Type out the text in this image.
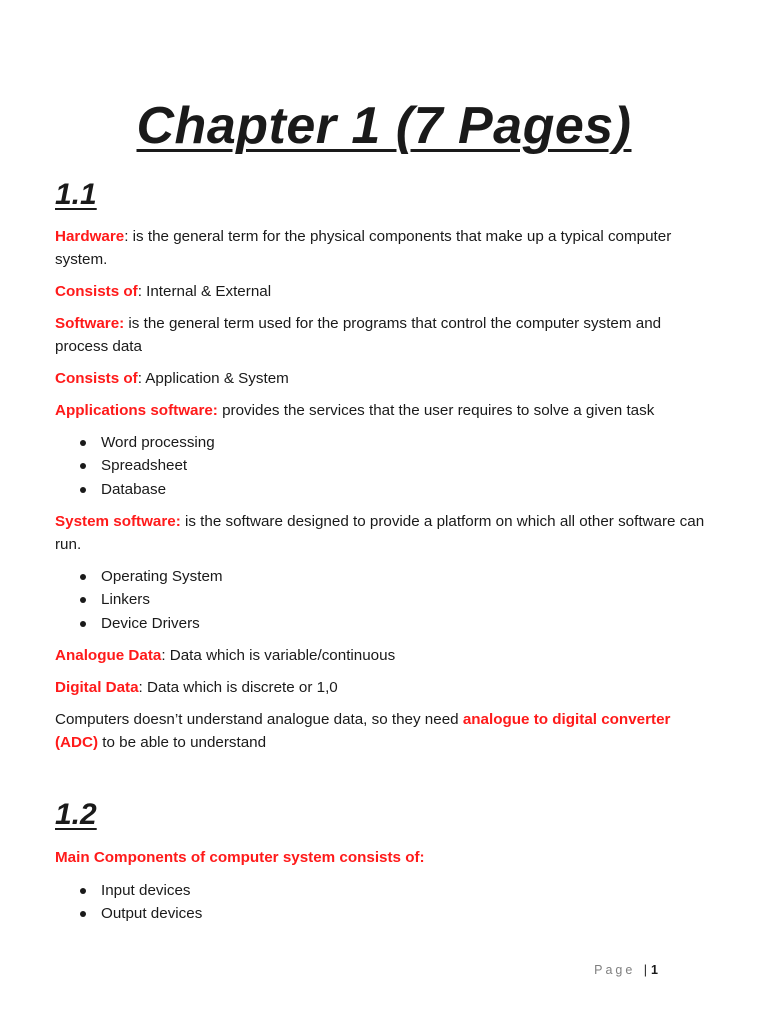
Chapter 1 (7 Pages)
1.1

Hardware: is the general term for the physical components that make up a typical computer system.

Consists of: Internal & External

Software: is the general term used for the programs that control the computer system and process data

Consists of: Application & System

Applications software: provides the services that the user requires to solve a given task

Word processing
Spreadsheet
Database

System software: is the software designed to provide a platform on which all other software can run.

Operating System
Linkers
Device Drivers

Analogue Data: Data which is variable/continuous

Digital Data: Data which is discrete or 1,0

Computers doesn’t understand analogue data, so they need analogue to digital converter (ADC) to be able to understand

1.2

Main Components of computer system consists of:

Input devices
Output devices
Page | 1
